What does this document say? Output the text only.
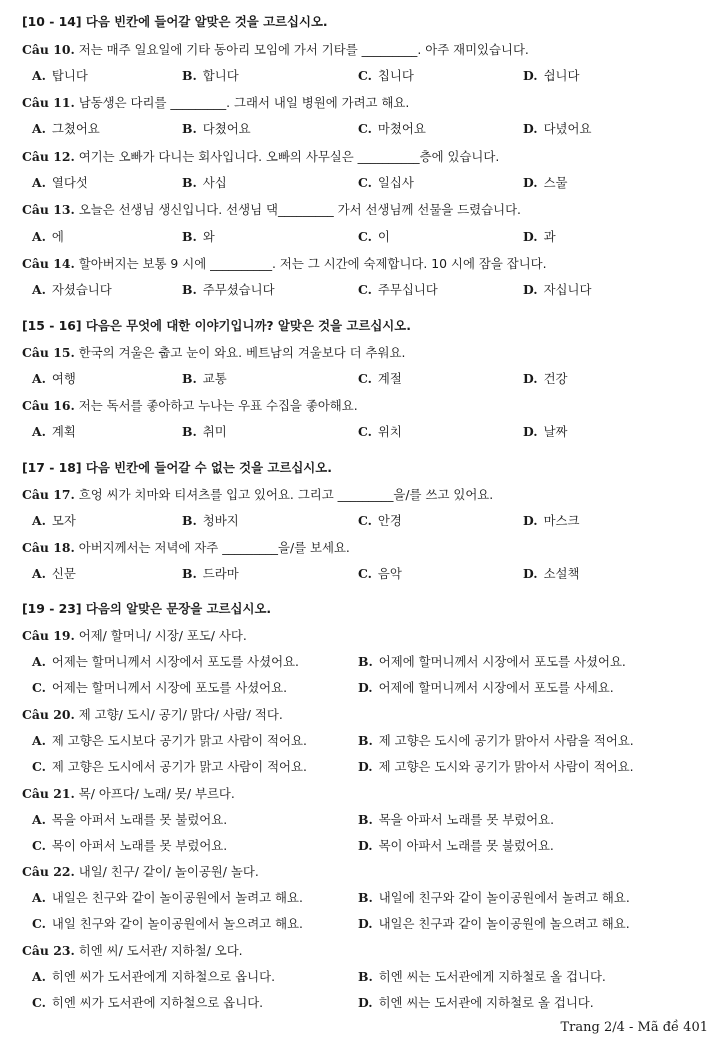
[10 - 14] 다음 빈칸에 들어갈 알맞은 것을 고르십시오.
Câu 10. 저는 매주 일요일에 기타 동아리 모임에 가서 기타를 _________. 아주 재미있습니다.
A. 탑니다	B. 합니다	C. 칩니다	D. 쉽니다
Câu 11. 남동생은 다리를 _________. 그래서 내일 병원에 가려고 해요.
A. 그쳤어요	B. 다쳤어요	C. 마쳤어요	D. 다녔어요
Câu 12. 여기는 오빠가 다니는 회사입니다. 오빠의 사무실은 __________층에 있습니다.
A. 열다섯	B. 사십	C. 일십사	D. 스물
Câu 13. 오늘은 선생님 생신입니다. 선생님 댁_________ 가서 선생님께 선물을 드렸습니다.
A. 에	B. 와	C. 이	D. 과
Câu 14. 할아버지는 보통 9 시에 __________. 저는 그 시간에 숙제합니다. 10 시에 잠을 잡니다.
A. 자셨습니다	B. 주무셨습니다	C. 주무십니다	D. 자십니다
[15 - 16] 다음은 무엇에 대한 이야기입니까? 알맞은 것을 고르십시오.
Câu 15. 한국의 겨울은 춥고 눈이 와요. 베트남의 겨울보다 더 추워요.
A. 여행	B. 교통	C. 계절	D. 건강
Câu 16. 저는 독서를 좋아하고 누나는 우표 수집을 좋아해요.
A. 계획	B. 취미	C. 위치	D. 날짜
[17 - 18] 다음 빈칸에 들어갈 수 없는 것을 고르십시오.
Câu 17. 흐엉 씨가 치마와 티셔츠를 입고 있어요. 그리고 _________을/를 쓰고 있어요.
A. 모자	B. 청바지	C. 안경	D. 마스크
Câu 18. 아버지께서는 저녁에 자주 _________을/를 보세요.
A. 신문	B. 드라마	C. 음악	D. 소설책
[19 - 23] 다음의 알맞은 문장을 고르십시오.
Câu 19. 어제/ 할머니/ 시장/ 포도/ 사다.
A. 어제는 할머니께서 시장에서 포도를 사셨어요.	B. 어제에 할머니께서 시장에서 포도를 사셨어요.
C. 어제는 할머니께서 시장에 포도를 사셨어요.	D. 어제에 할머니께서 시장에서 포도를 사세요.
Câu 20. 제 고향/ 도시/ 공기/ 맑다/ 사람/ 적다.
A. 제 고향은 도시보다 공기가 맑고 사람이 적어요.	B. 제 고향은 도시에 공기가 맑아서 사람을 적어요.
C. 제 고향은 도시에서 공기가 맑고 사람이 적어요.	D. 제 고향은 도시와 공기가 맑아서 사람이 적어요.
Câu 21. 목/ 아프다/ 노래/ 못/ 부르다.
A. 목을 아퍼서 노래를 못 불렀어요.	B. 목을 아파서 노래를 못 부렀어요.
C. 목이 아퍼서 노래를 못 부렀어요.	D. 목이 아파서 노래를 못 불렀어요.
Câu 22. 내일/ 친구/ 같이/ 놀이공원/ 놀다.
A. 내일은 친구와 같이 놀이공원에서 놀려고 해요.	B. 내일에 친구와 같이 놀이공원에서 놀려고 해요.
C. 내일 친구와 같이 놀이공원에서 놀으려고 해요.	D. 내일은 친구과 같이 놀이공원에 놀으려고 해요.
Câu 23. 히엔 씨/ 도서관/ 지하철/ 오다.
A. 히엔 씨가 도서관에게 지하철으로 옵니다.	B. 히엔 씨는 도서관에게 지하철로 올 겁니다.
C. 히엔 씨가 도서관에 지하철으로 옵니다.	D. 히엔 씨는 도서관에 지하철로 올 겁니다.
Trang 2/4 - Mã đề 401
